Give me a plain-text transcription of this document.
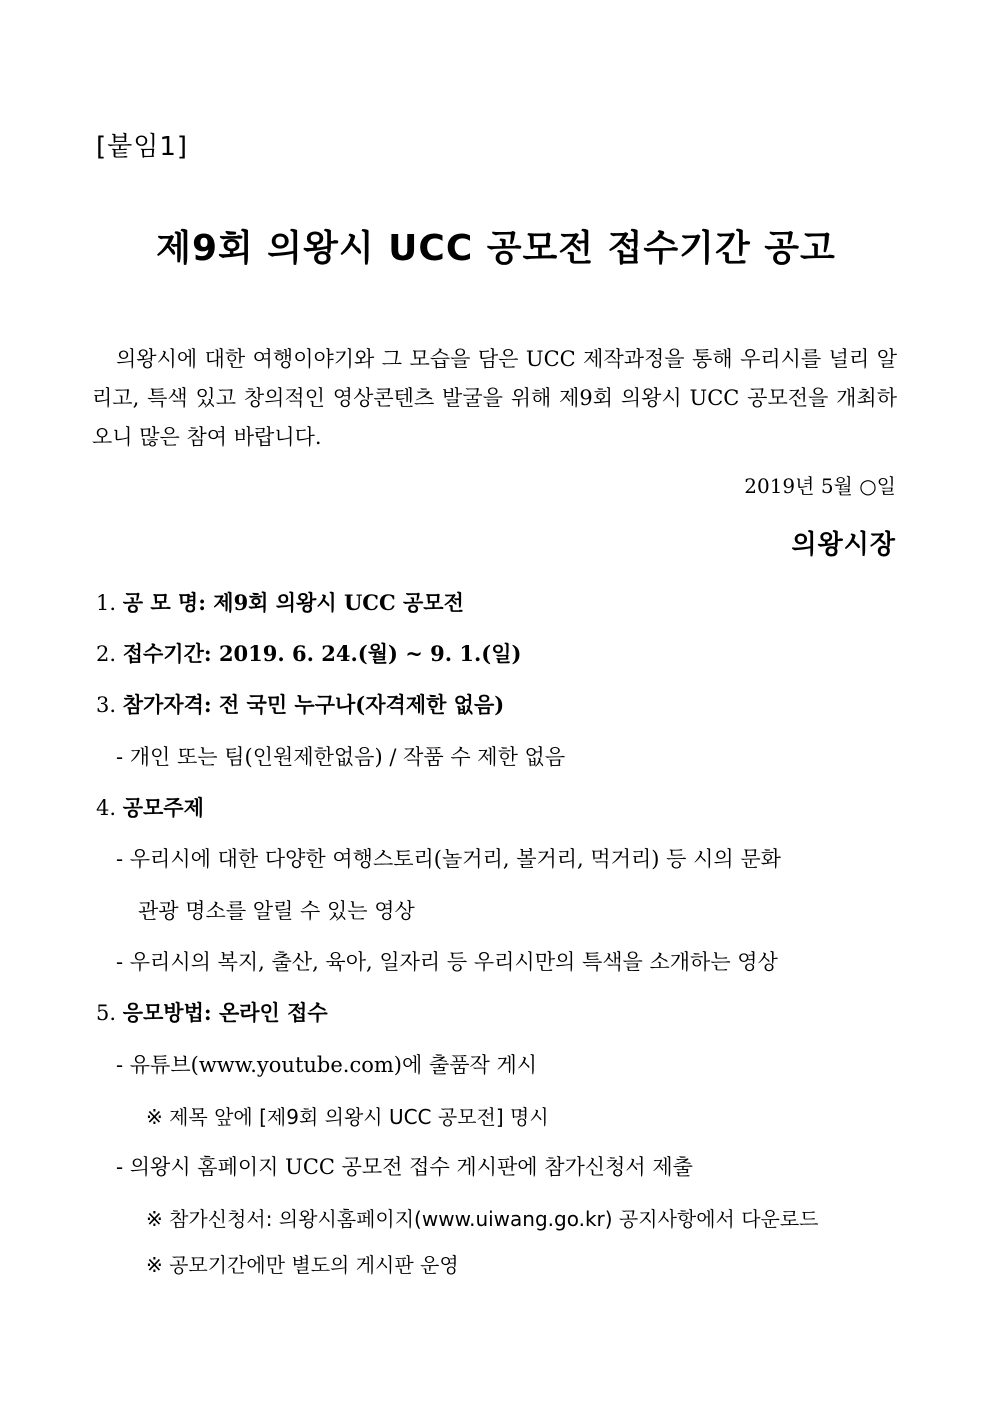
[붙임1]
제9회 의왕시 UCC 공모전 접수기간 공고

의왕시에 대한 여행이야기와 그 모습을 담은 UCC 제작과정을 통해 우리시를 널리 알리고, 특색 있고 창의적인 영상콘텐츠 발굴을 위해 제9회 의왕시 UCC 공모전을 개최하오니 많은 참여 바랍니다.

2019년 5월 ○일
의왕시장
1. 공 모 명: 제9회 의왕시 UCC 공모전
2. 접수기간: 2019. 6. 24.(월) ~ 9. 1.(일)
3. 참가자격: 전 국민 누구나(자격제한 없음)
- 개인 또는 팀(인원제한없음) / 작품 수 제한 없음
4. 공모주제
- 우리시에 대한 다양한 여행스토리(놀거리, 볼거리, 먹거리) 등 시의 문화
관광 명소를 알릴 수 있는 영상
- 우리시의 복지, 출산, 육아, 일자리 등 우리시만의 특색을 소개하는 영상
5. 응모방법: 온라인 접수
- 유튜브(www.youtube.com)에 출품작 게시
※ 제목 앞에 [제9회 의왕시 UCC 공모전] 명시
- 의왕시 홈페이지 UCC 공모전 접수 게시판에 참가신청서 제출
※ 참가신청서: 의왕시홈페이지(www.uiwang.go.kr) 공지사항에서 다운로드
※ 공모기간에만 별도의 게시판 운영
